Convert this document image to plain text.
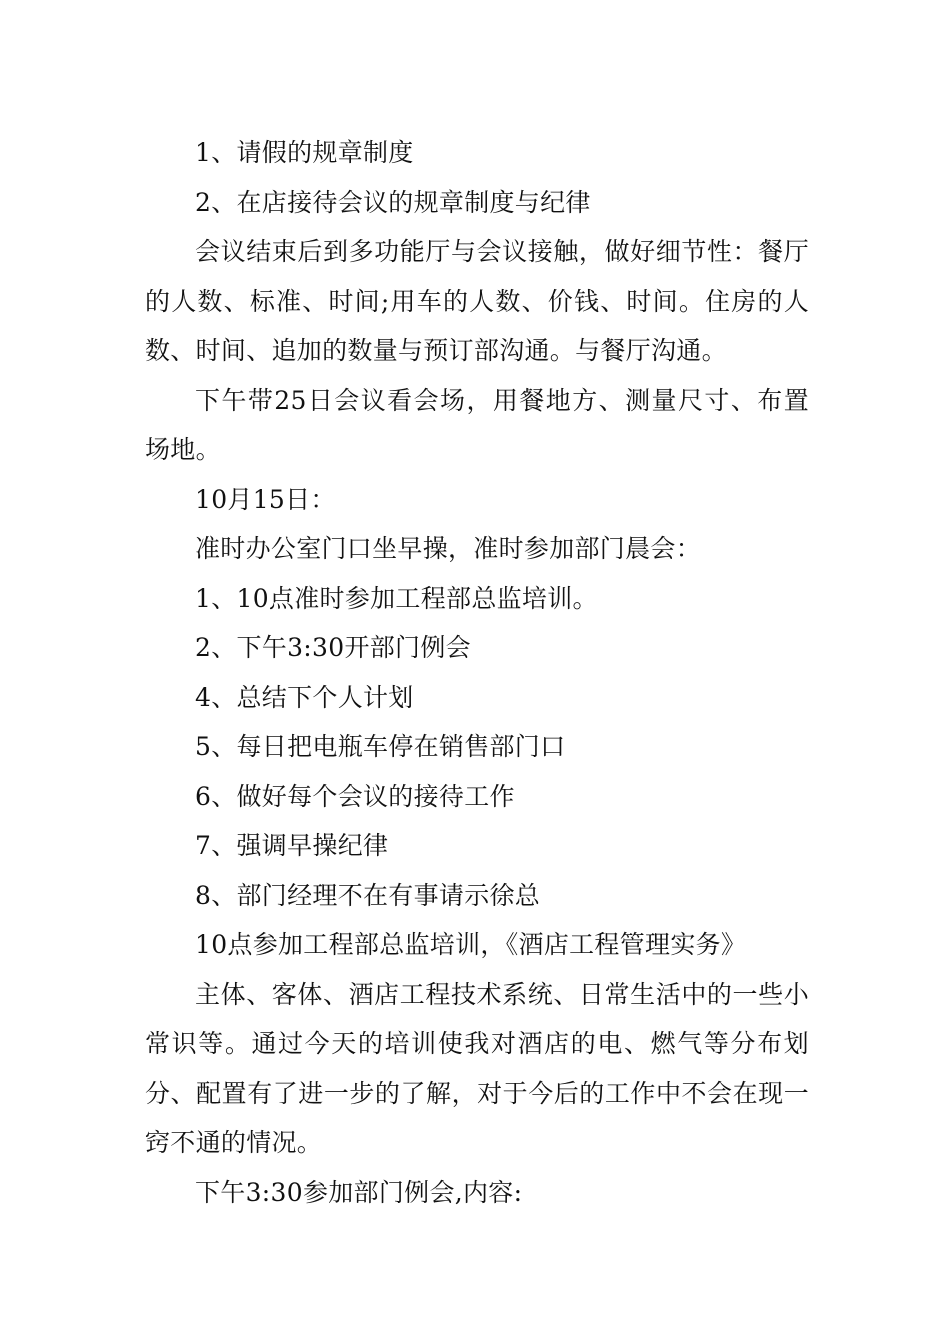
1、请假的规章制度

2、在店接待会议的规章制度与纪律

会议结束后到多功能厅与会议接触，做好细节性：餐厅的人数、标准、时间;用车的人数、价钱、时间。住房的人数、时间、追加的数量与预订部沟通。与餐厅沟通。

下午带25日会议看会场，用餐地方、测量尺寸、布置场地。

10月15日：

准时办公室门口坐早操，准时参加部门晨会：

1、10点准时参加工程部总监培训。

2、下午3:30开部门例会

4、总结下个人计划

5、每日把电瓶车停在销售部门口

6、做好每个会议的接待工作

7、强调早操纪律

8、部门经理不在有事请示徐总

10点参加工程部总监培训，《酒店工程管理实务》

主体、客体、酒店工程技术系统、日常生活中的一些小常识等。通过今天的培训使我对酒店的电、燃气等分布划分、配置有了进一步的了解，对于今后的工作中不会在现一窍不通的情况。

下午3:30参加部门例会,内容:
